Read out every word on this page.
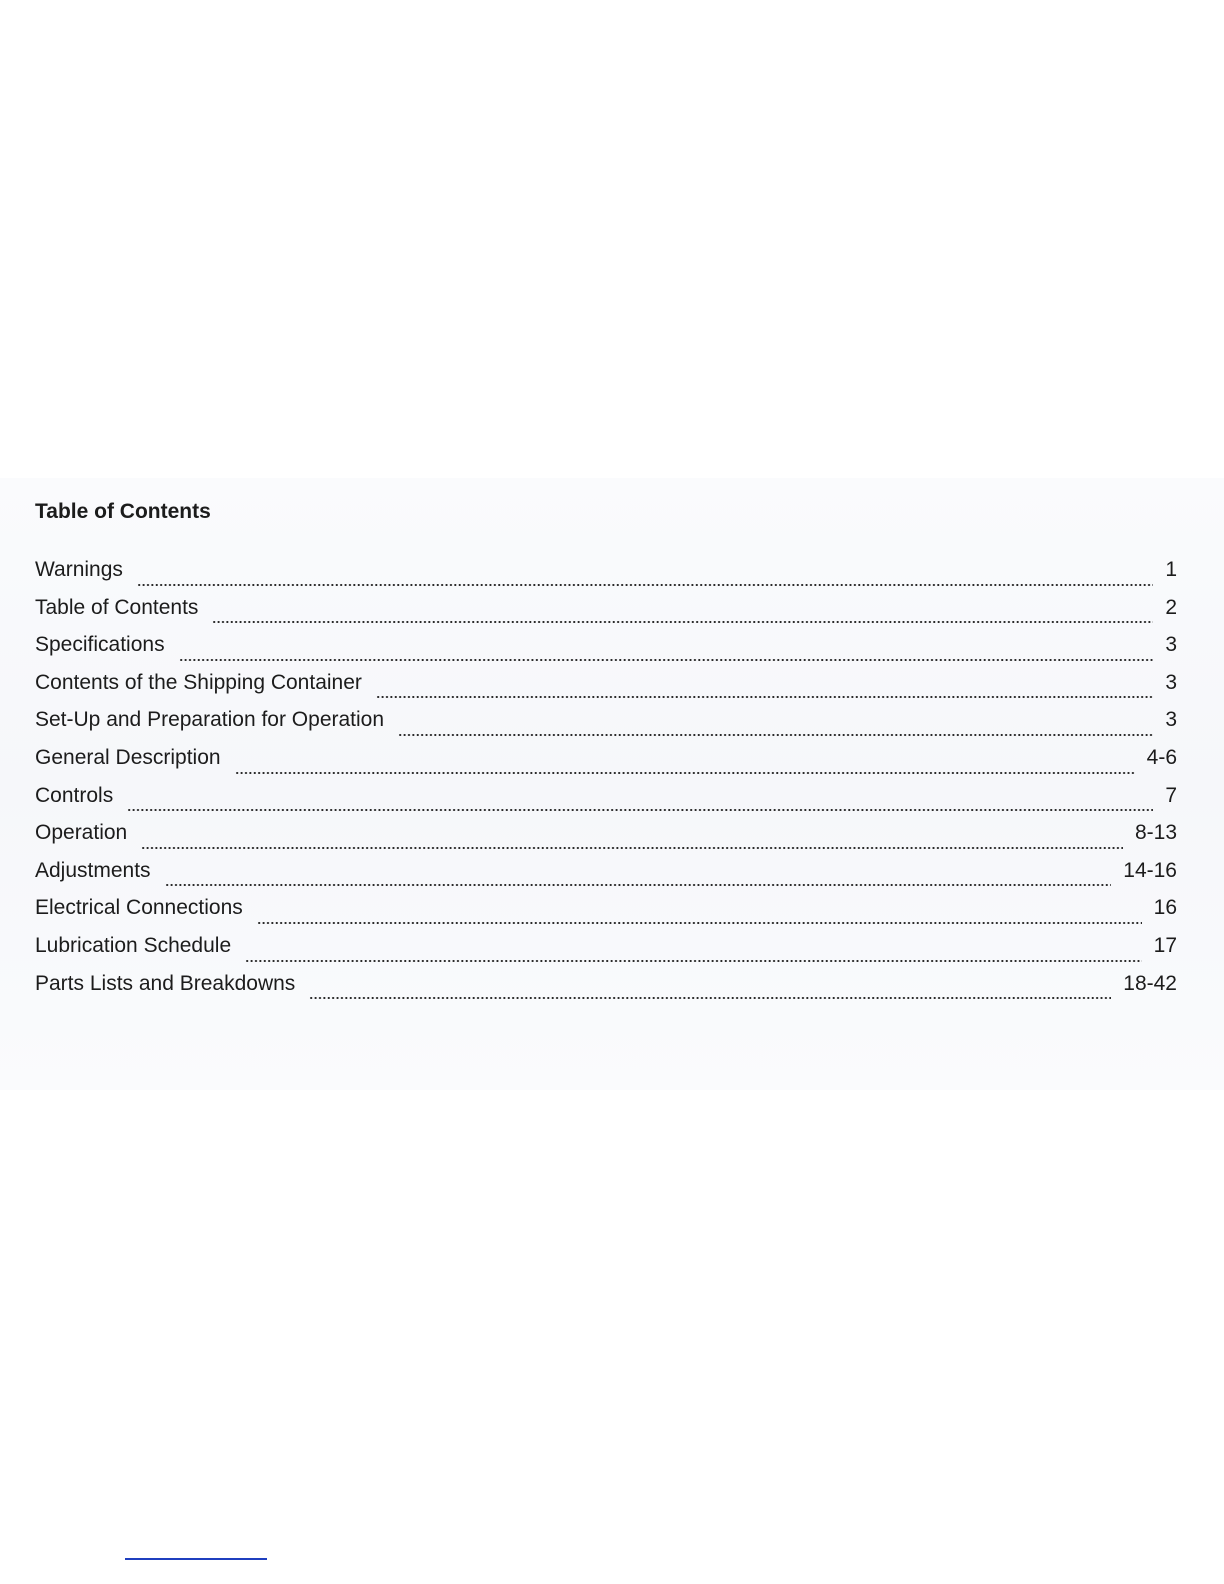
Table of Contents
Warnings	1
Table of Contents	2
Specifications	3
Contents of the Shipping Container	3
Set-Up and Preparation for Operation	3
General Description	4-6
Controls	7
Operation	8-13
Adjustments	14-16
Electrical Connections	16
Lubrication Schedule	17
Parts Lists and Breakdowns	18-42
